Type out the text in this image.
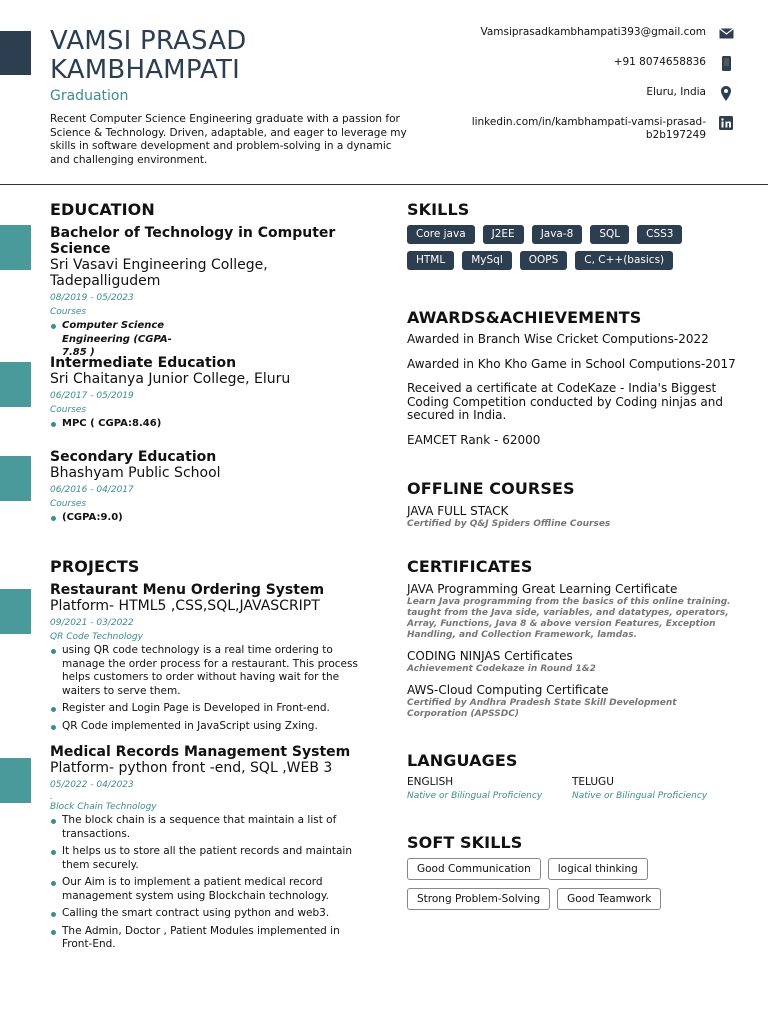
VAMSI PRASAD KAMBHAMPATI
Graduation

Recent Computer Science Engineering graduate with a passion for Science & Technology. Driven, adaptable, and eager to leverage my skills in software development and problem-solving in a dynamic and challenging environment.

Vamsiprasadkambhampati393@gmail.com
+91 8074658836
Eluru, India
linkedin.com/in/kambhampati-vamsi-prasad-b2b197249
EDUCATION
Bachelor of Technology in Computer Science
Sri Vasavi Engineering College, Tadepalligudem
08/2019 - 05/2023
Courses
Computer Science Engineering (CGPA-7.85 )
Intermediate Education
Sri Chaitanya Junior College, Eluru
06/2017 - 05/2019
Courses
MPC ( CGPA:8.46)
Secondary Education
Bhashyam Public School
06/2016 - 04/2017
Courses
(CGPA:9.0)
PROJECTS
Restaurant Menu Ordering System
Platform- HTML5 ,CSS,SQL,JAVASCRIPT
09/2021 - 03/2022
QR Code Technology
using QR code technology is a real time ordering to manage the order process for a restaurant. This process helps customers to order without having wait for the waiters to serve them.
Register and Login Page is Developed in Front-end.
QR Code implemented in JavaScript using Zxing.
Medical Records Management System
Platform- python front -end, SQL ,WEB 3
05/2022 - 04/2023
.
Block Chain Technology
The block chain is a sequence that maintain a list of transactions.
It helps us to store all the patient records and maintain them securely.
Our Aim is to implement a patient medical record management system using Blockchain technology.
Calling the smart contract using python and web3.
The Admin, Doctor , Patient Modules implemented in Front-End.
SKILLS
Core java	J2EE	Java-8	SQL	CSS3
HTML	MySql	OOPS	C, C++(basics)
AWARDS&ACHIEVEMENTS
Awarded in Branch Wise Cricket Computions-2022
Awarded in Kho Kho Game in School Computions-2017
Received a certificate at CodeKaze - India's Biggest Coding Competition conducted by Coding ninjas and secured in India.
EAMCET Rank - 62000
OFFLINE COURSES
JAVA FULL STACK
Certified by Q&J Spiders Offline Courses
CERTIFICATES
JAVA Programming Great Learning Certificate
Learn Java programming from the basics of this online training. taught from the Java side, variables, and datatypes, operators, Array, Functions, Java 8 & above version Features, Exception Handling, and Collection Framework, lamdas.
CODING NINJAS Certificates
Achievement Codekaze in Round 1&2
AWS-Cloud Computing Certificate
Certified by Andhra Pradesh State Skill Development Corporation (APSSDC)
LANGUAGES
ENGLISH
Native or Bilingual Proficiency
TELUGU
Native or Bilingual Proficiency
SOFT SKILLS
Good Communication	logical thinking
Strong Problem-Solving	Good Teamwork
